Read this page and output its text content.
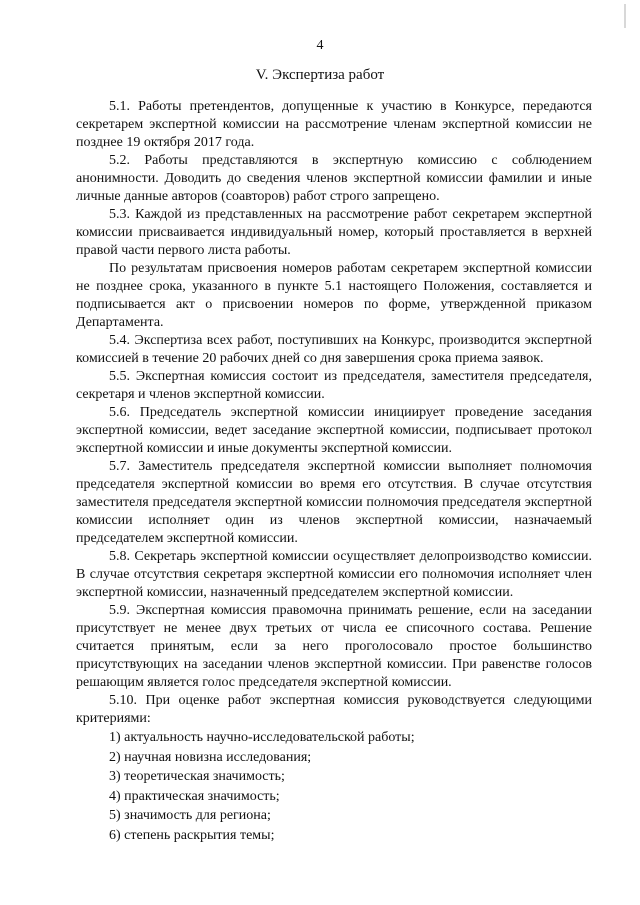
4
V. Экспертиза работ

5.1. Работы претендентов, допущенные к участию в Конкурсе, передаются секретарем экспертной комиссии на рассмотрение членам экспертной комиссии не позднее 19 октября 2017 года.

5.2. Работы представляются в экспертную комиссию с соблюдением анонимности. Доводить до сведения членов экспертной комиссии фамилии и иные личные данные авторов (соавторов) работ строго запрещено.

5.3. Каждой из представленных на рассмотрение работ секретарем экспертной комиссии присваивается индивидуальный номер, который проставляется в верхней правой части первого листа работы.

По результатам присвоения номеров работам секретарем экспертной комиссии не позднее срока, указанного в пункте 5.1 настоящего Положения, составляется и подписывается акт о присвоении номеров по форме, утвержденной приказом Департамента.

5.4. Экспертиза всех работ, поступивших на Конкурс, производится экспертной комиссией в течение 20 рабочих дней со дня завершения срока приема заявок.

5.5. Экспертная комиссия состоит из председателя, заместителя председателя, секретаря и членов экспертной комиссии.

5.6. Председатель экспертной комиссии инициирует проведение заседания экспертной комиссии, ведет заседание экспертной комиссии, подписывает протокол экспертной комиссии и иные документы экспертной комиссии.

5.7. Заместитель председателя экспертной комиссии выполняет полномочия председателя экспертной комиссии во время его отсутствия. В случае отсутствия заместителя председателя экспертной комиссии полномочия председателя экспертной комиссии исполняет один из членов экспертной комиссии, назначаемый председателем экспертной комиссии.

5.8. Секретарь экспертной комиссии осуществляет делопроизводство комиссии. В случае отсутствия секретаря экспертной комиссии его полномочия исполняет член экспертной комиссии, назначенный председателем экспертной комиссии.

5.9. Экспертная комиссия правомочна принимать решение, если на заседании присутствует не менее двух третьих от числа ее списочного состава. Решение считается принятым, если за него проголосовало простое большинство присутствующих на заседании членов экспертной комиссии. При равенстве голосов решающим является голос председателя экспертной комиссии.

5.10. При оценке работ экспертная комиссия руководствуется следующими критериями:

1) актуальность научно-исследовательской работы;
2) научная новизна исследования;
3) теоретическая значимость;
4) практическая значимость;
5) значимость для региона;
6) степень раскрытия темы;
